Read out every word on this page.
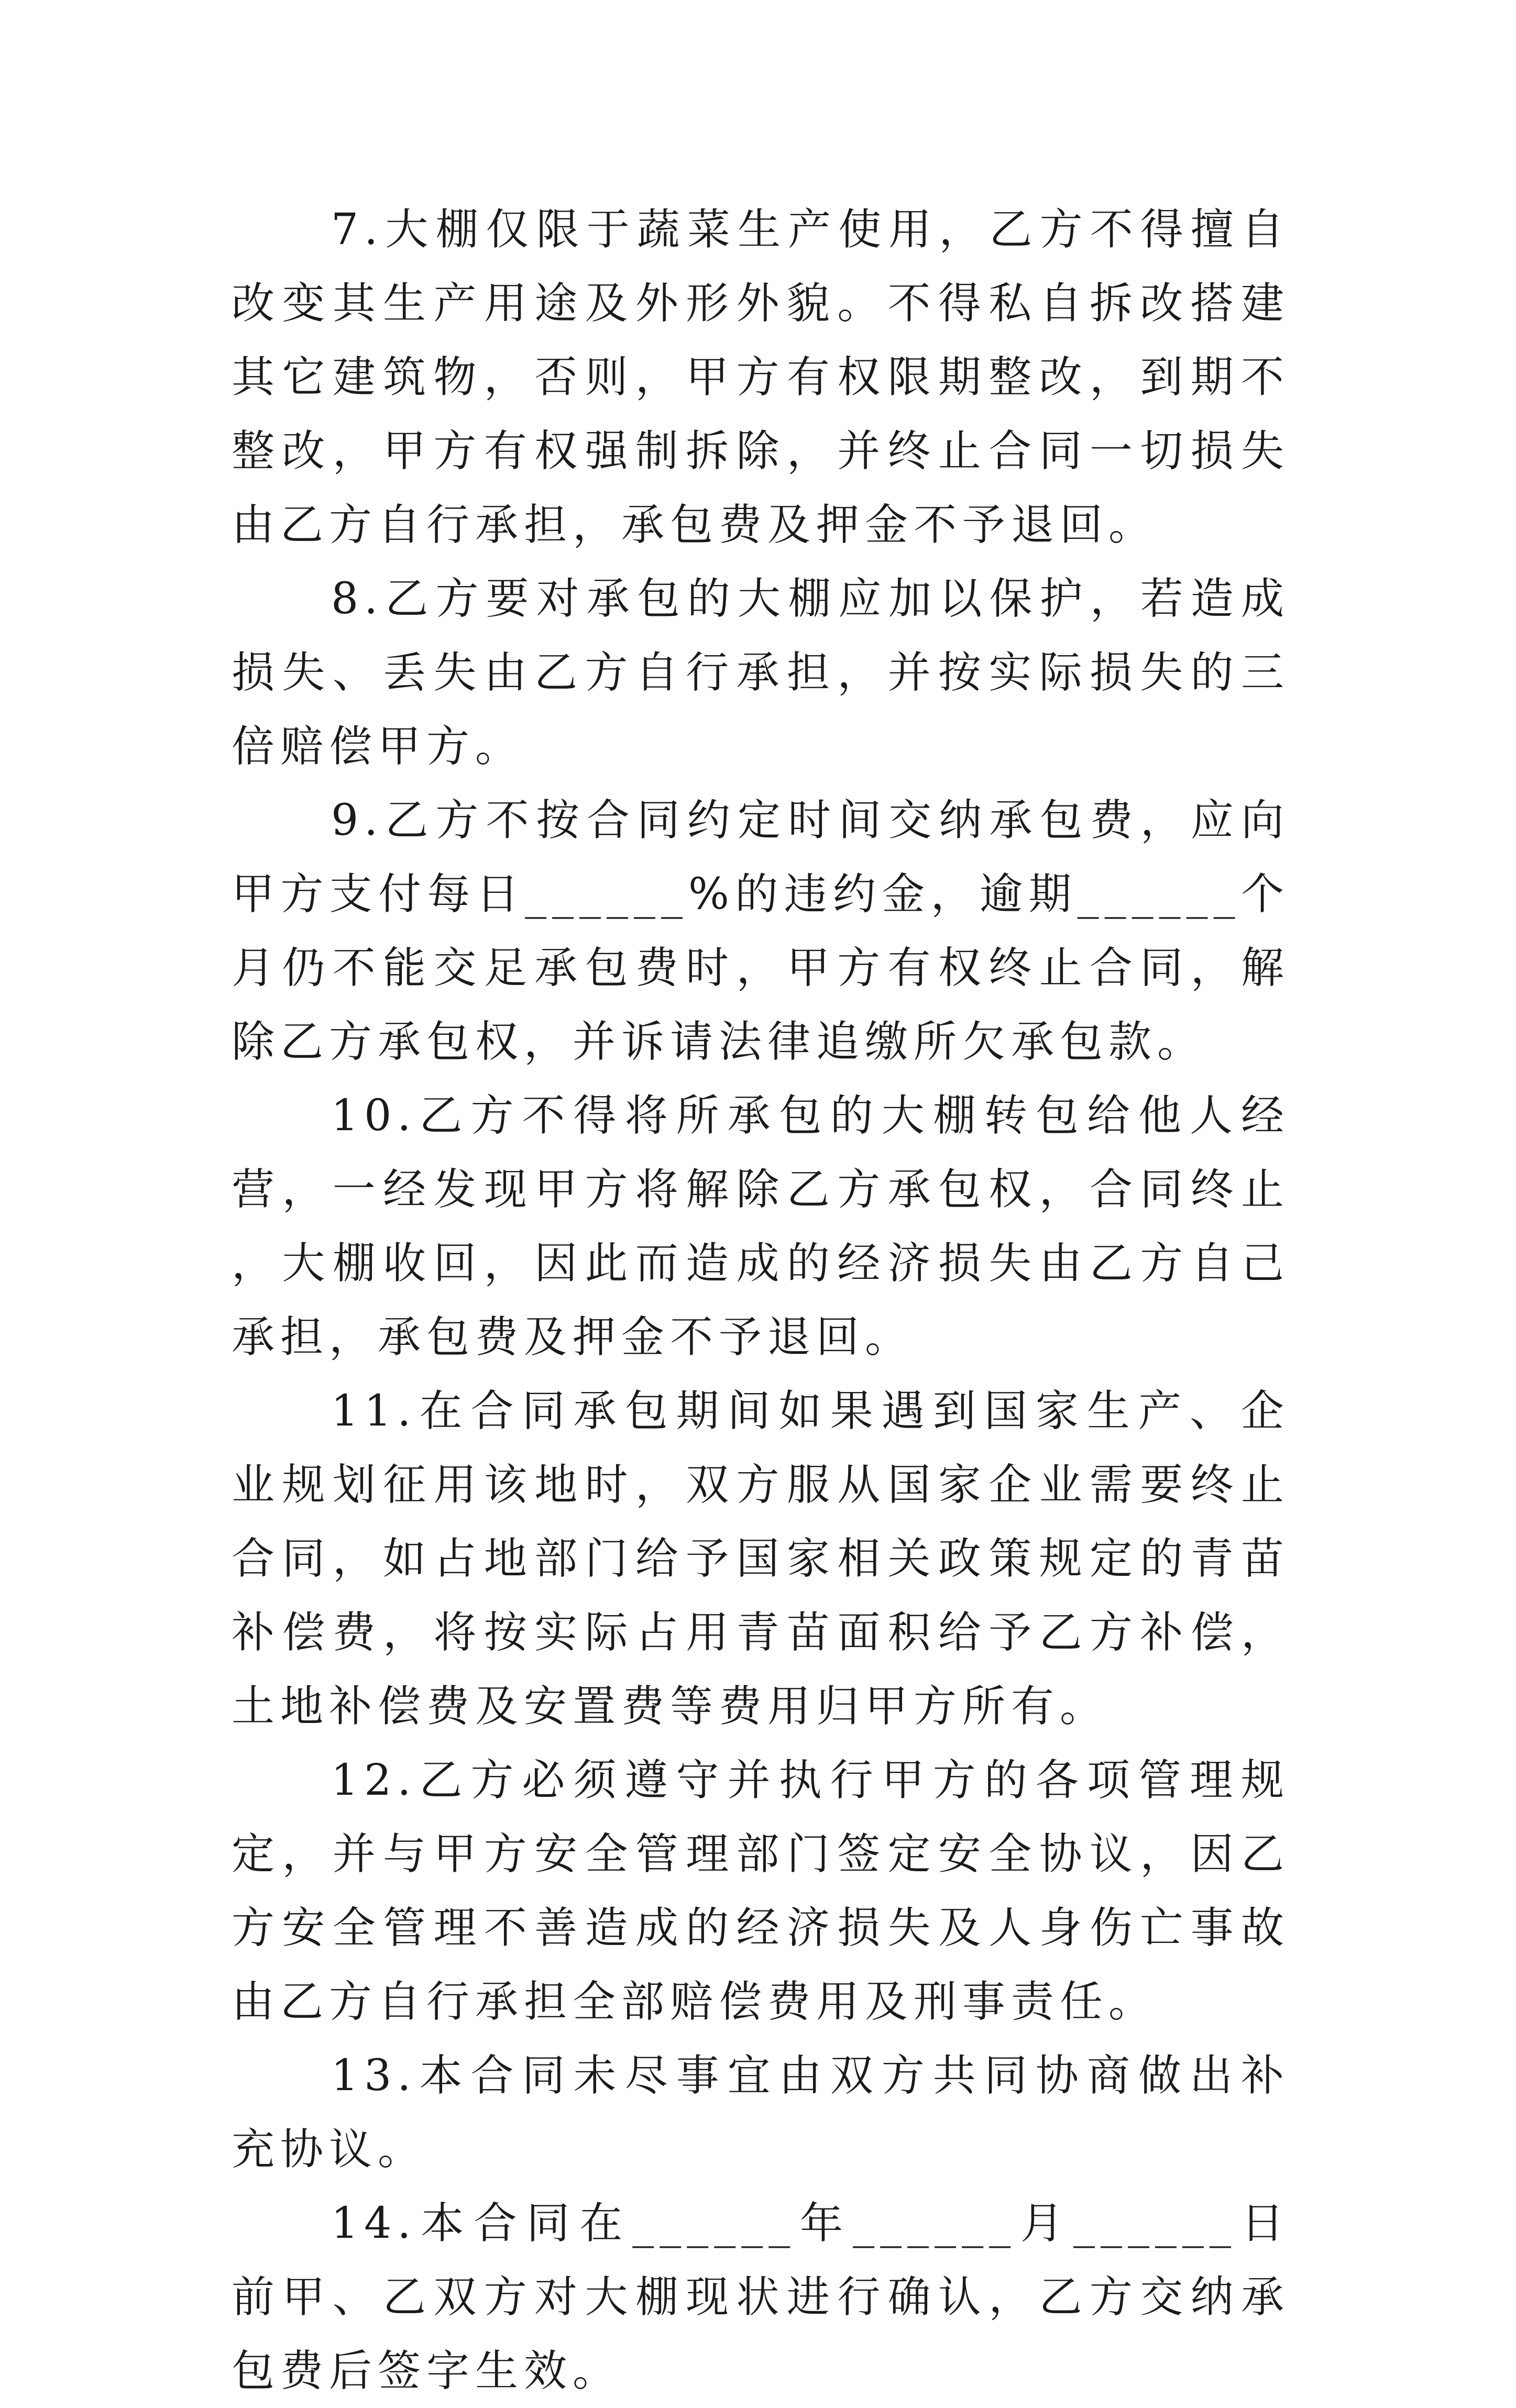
7.大棚仅限于蔬菜生产使用，乙方不得擅自改变其生产用途及外形外貌。不得私自拆改搭建其它建筑物，否则，甲方有权限期整改，到期不整改，甲方有权强制拆除，并终止合同一切损失由乙方自行承担，承包费及押金不予退回。

8.乙方要对承包的大棚应加以保护，若造成损失、丢失由乙方自行承担，并按实际损失的三倍赔偿甲方。

9.乙方不按合同约定时间交纳承包费，应向甲方支付每日______%的违约金，逾期______个月仍不能交足承包费时，甲方有权终止合同，解除乙方承包权，并诉请法律追缴所欠承包款。

10.乙方不得将所承包的大棚转包给他人经营，一经发现甲方将解除乙方承包权，合同终止，大棚收回，因此而造成的经济损失由乙方自己承担，承包费及押金不予退回。

11.在合同承包期间如果遇到国家生产、企业规划征用该地时，双方服从国家企业需要终止合同，如占地部门给予国家相关政策规定的青苗补偿费，将按实际占用青苗面积给予乙方补偿，土地补偿费及安置费等费用归甲方所有。

12.乙方必须遵守并执行甲方的各项管理规定，并与甲方安全管理部门签定安全协议，因乙方安全管理不善造成的经济损失及人身伤亡事故由乙方自行承担全部赔偿费用及刑事责任。

13.本合同未尽事宜由双方共同协商做出补充协议。

14.本合同在______年______月______日前甲、乙双方对大棚现状进行确认，乙方交纳承包费后签字生效。
